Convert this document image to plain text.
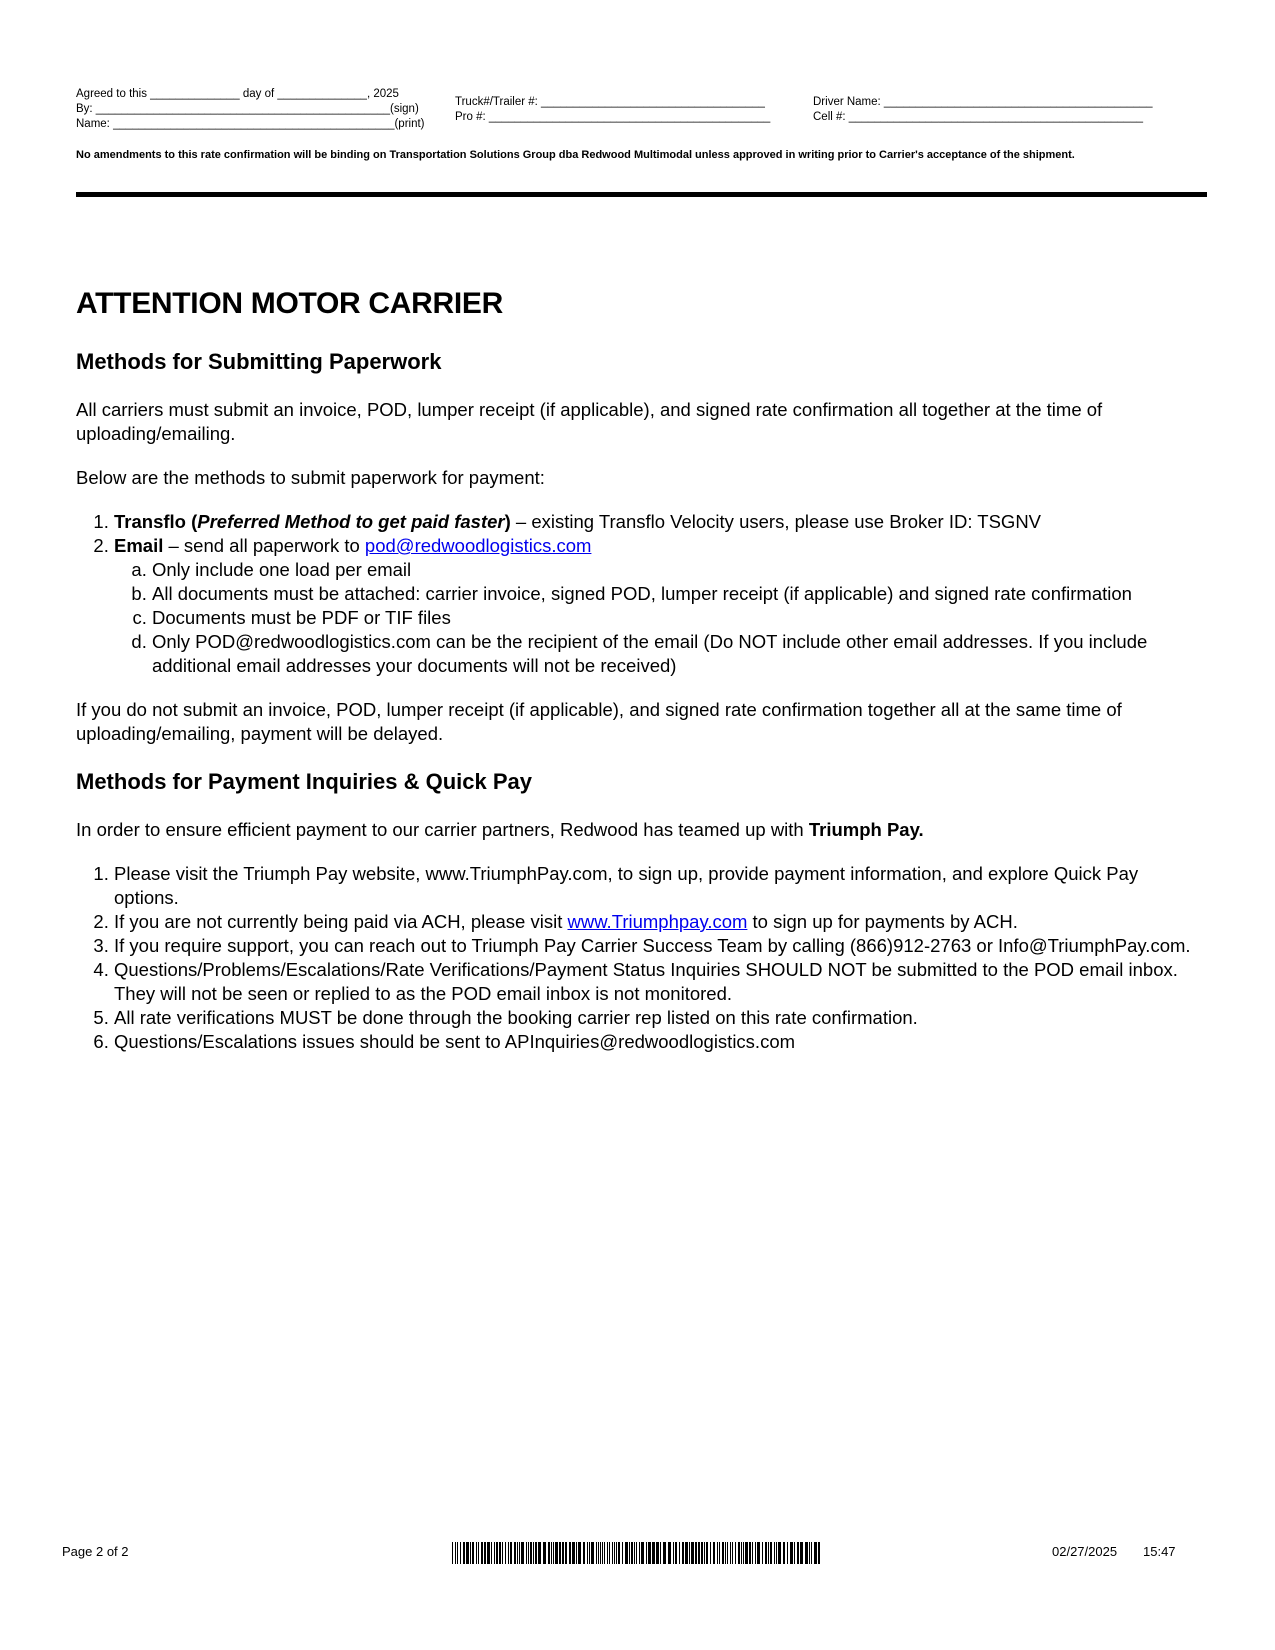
Agreed to this ______________ day of ______________, 2025
By: ______________________________________________(sign)
Name: ____________________________________________(print)
Truck#/Trailer #: ___________________________________
Pro #: ____________________________________________
Driver Name: __________________________________________
Cell #: ______________________________________________
No amendments to this rate confirmation will be binding on Transportation Solutions Group dba Redwood Multimodal unless approved in writing prior to Carrier's acceptance of the shipment.
ATTENTION MOTOR CARRIER
Methods for Submitting Paperwork

All carriers must submit an invoice, POD, lumper receipt (if applicable), and signed rate confirmation all together at the time of uploading/emailing.

Below are the methods to submit paperwork for payment:

1. Transflo (Preferred Method to get paid faster) – existing Transflo Velocity users, please use Broker ID: TSGNV
2. Email – send all paperwork to pod@redwoodlogistics.com
a. Only include one load per email
b. All documents must be attached: carrier invoice, signed POD, lumper receipt (if applicable) and signed rate confirmation
c. Documents must be PDF or TIF files
d. Only POD@redwoodlogistics.com can be the recipient of the email (Do NOT include other email addresses. If you include additional email addresses your documents will not be received)

If you do not submit an invoice, POD, lumper receipt (if applicable), and signed rate confirmation together all at the same time of uploading/emailing, payment will be delayed.

Methods for Payment Inquiries & Quick Pay

In order to ensure efficient payment to our carrier partners, Redwood has teamed up with Triumph Pay.

1. Please visit the Triumph Pay website, www.TriumphPay.com, to sign up, provide payment information, and explore Quick Pay options.
2. If you are not currently being paid via ACH, please visit www.Triumphpay.com to sign up for payments by ACH.
3. If you require support, you can reach out to Triumph Pay Carrier Success Team by calling (866)912-2763 or Info@TriumphPay.com.
4. Questions/Problems/Escalations/Rate Verifications/Payment Status Inquiries SHOULD NOT be submitted to the POD email inbox. They will not be seen or replied to as the POD email inbox is not monitored.
5. All rate verifications MUST be done through the booking carrier rep listed on this rate confirmation.
6. Questions/Escalations issues should be sent to APInquiries@redwoodlogistics.com
Page 2 of 2	02/27/2025 15:47
